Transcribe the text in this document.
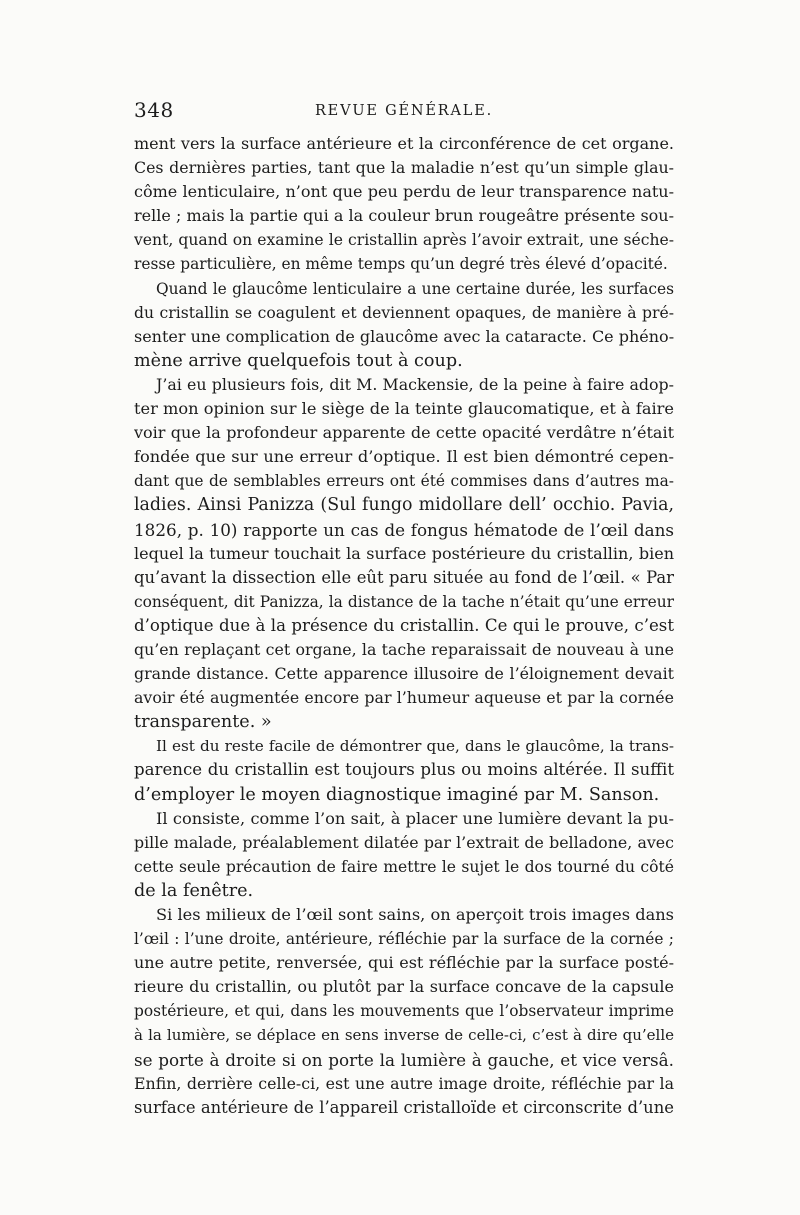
348	REVUE GÉNÉRALE.
ment vers la surface antérieure et la circonférence de cet organe.
Ces dernières parties, tant que la maladie n’est qu’un simple glau-
côme lenticulaire, n’ont que peu perdu de leur transparence natu-
relle ; mais la partie qui a la couleur brun rougeâtre présente sou-
vent, quand on examine le cristallin après l’avoir extrait, une séche-
resse particulière, en même temps qu’un degré très élevé d’opacité.
Quand le glaucôme lenticulaire a une certaine durée, les surfaces
du cristallin se coagulent et deviennent opaques, de manière à pré-
senter une complication de glaucôme avec la cataracte. Ce phéno-
mène arrive quelquefois tout à coup.
J’ai eu plusieurs fois, dit M. Mackensie, de la peine à faire adop-
ter mon opinion sur le siège de la teinte glaucomatique, et à faire
voir que la profondeur apparente de cette opacité verdâtre n’était
fondée que sur une erreur d’optique. Il est bien démontré cepen-
dant que de semblables erreurs ont été commises dans d’autres ma-
ladies. Ainsi Panizza (Sul fungo midollare dell’ occhio. Pavia,
1826, p. 10) rapporte un cas de fongus hématode de l’œil dans
lequel la tumeur touchait la surface postérieure du cristallin, bien
qu’avant la dissection elle eût paru située au fond de l’œil. « Par
conséquent, dit Panizza, la distance de la tache n’était qu’une erreur
d’optique due à la présence du cristallin. Ce qui le prouve, c’est
qu’en replaçant cet organe, la tache reparaissait de nouveau à une
grande distance. Cette apparence illusoire de l’éloignement devait
avoir été augmentée encore par l’humeur aqueuse et par la cornée
transparente. »
Il est du reste facile de démontrer que, dans le glaucôme, la trans-
parence du cristallin est toujours plus ou moins altérée. Il suffit
d’employer le moyen diagnostique imaginé par M. Sanson.
Il consiste, comme l’on sait, à placer une lumière devant la pu-
pille malade, préalablement dilatée par l’extrait de belladone, avec
cette seule précaution de faire mettre le sujet le dos tourné du côté
de la fenêtre.
Si les milieux de l’œil sont sains, on aperçoit trois images dans
l’œil : l’une droite, antérieure, réfléchie par la surface de la cornée ;
une autre petite, renversée, qui est réfléchie par la surface posté-
rieure du cristallin, ou plutôt par la surface concave de la capsule
postérieure, et qui, dans les mouvements que l’observateur imprime
à la lumière, se déplace en sens inverse de celle-ci, c’est à dire qu’elle
se porte à droite si on porte la lumière à gauche, et vice versâ.
Enfin, derrière celle-ci, est une autre image droite, réfléchie par la
surface antérieure de l’appareil cristalloïde et circonscrite d’une
